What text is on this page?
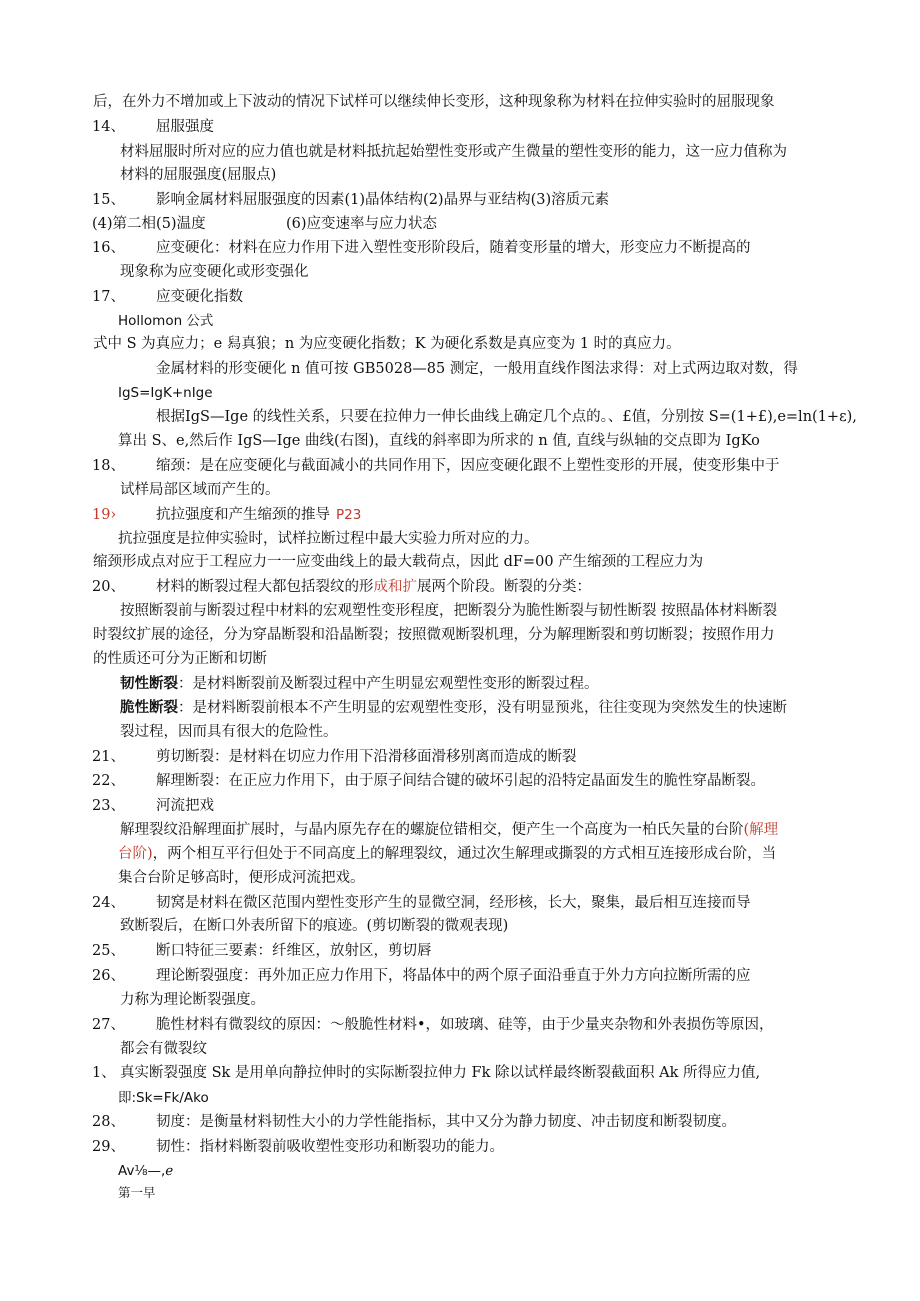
后，在外力不增加或上下波动的情况下试样可以继续伸长变形，这种现象称为材料在拉伸实验时的屈服现象
14、 屈服强度
材料屈服时所对应的应力值也就是材料抵抗起始塑性变形或产生微量的塑性变形的能力，这一应力值称为
材料的屈服强度(屈服点)
15、 影响金属材料屈服强度的因素(1)晶体结构(2)晶界与亚结构(3)溶质元素
(4)第二相(5)温度	(6)应变速率与应力状态
16、 应变硬化：材料在应力作用下进入塑性变形阶段后，随着变形量的增大，形变应力不断提高的
现象称为应变硬化或形变强化
17、 应变硬化指数
Hollomon 公式
式中 S 为真应力；e 舄真狼；n 为应变硬化指数；K 为硬化系数是真应变为 1 时的真应力。
金属材料的形变硬化 n 值可按 GB5028—85 测定，一般用直线作图法求得：对上式两边取对数，得
IgS=IgK+nIge
根据IgS—Ige 的线性关系，只要在拉伸力一伸长曲线上确定几个点的。、£值，分别按 S=(1+£),e=ln(1+ε),
算出 S、e,然后作 IgS—Ige 曲线(右图)，直线的斜率即为所求的 n 值, 直线与纵轴的交点即为 IgKo
18、 缩颈：是在应变硬化与截面减小的共同作用下，因应变硬化跟不上塑性变形的开展，使变形集中于
试样局部区域而产生的。
19›	抗拉强度和产生缩颈的推导 P23
抗拉强度是拉伸实验时，试样拉断过程中最大实验力所对应的力。
缩颈形成点对应于工程应力一一应变曲线上的最大载荷点，因此 dF=00 产生缩颈的工程应力为
20、 材料的断裂过程大都包括裂纹的形成和扩展两个阶段。断裂的分类：
按照断裂前与断裂过程中材料的宏观塑性变形程度，把断裂分为脆性断裂与韧性断裂 按照晶体材料断裂
时裂纹扩展的途径，分为穿晶断裂和沿晶断裂；按照微观断裂机理，分为解理断裂和剪切断裂；按照作用力
的性质还可分为正断和切断
韧性断裂：是材料断裂前及断裂过程中产生明显宏观塑性变形的断裂过程。
脆性断裂：是材料断裂前根本不产生明显的宏观塑性变形，没有明显预兆，往往变现为突然发生的快速断
裂过程，因而具有很大的危险性。
21、 剪切断裂：是材料在切应力作用下沿滑移面滑移别离而造成的断裂
22、 解理断裂：在正应力作用下，由于原子间结合键的破坏引起的沿特定晶面发生的脆性穿晶断裂。
23、 河流把戏
解理裂纹沿解理面扩展时，与晶内原先存在的螺旋位错相交，便产生一个高度为一柏氏矢量的台阶(解理
台阶)，两个相互平行但处于不同高度上的解理裂纹，通过次生解理或撕裂的方式相互连接形成台阶，当
集合台阶足够高时，便形成河流把戏。
24、 韧窝是材料在微区范围内塑性变形产生的显微空洞，经形核，长大，聚集，最后相互连接而导
致断裂后，在断口外表所留下的痕迹。(剪切断裂的微观表现)
25、 断口特征三要素：纤维区，放射区，剪切唇
26、 理论断裂强度：再外加正应力作用下，将晶体中的两个原子面沿垂直于外力方向拉断所需的应
力称为理论断裂强度。
27、 脆性材料有微裂纹的原因：〜般脆性材料•，如玻璃、硅等，由于少量夹杂物和外表损伤等原因，
都会有微裂纹
1、 真实断裂强度 Sk 是用单向静拉伸时的实际断裂拉伸力 Fk 除以试样最终断裂截面积 Ak 所得应力值,
即:Sk=Fk/Ako
28、 韧度：是衡量材料韧性大小的力学性能指标，其中又分为静力韧度、冲击韧度和断裂韧度。
29、 韧性：指材料断裂前吸收塑性变形功和断裂功的能力。
Av⅛—,ℯ
第一早
